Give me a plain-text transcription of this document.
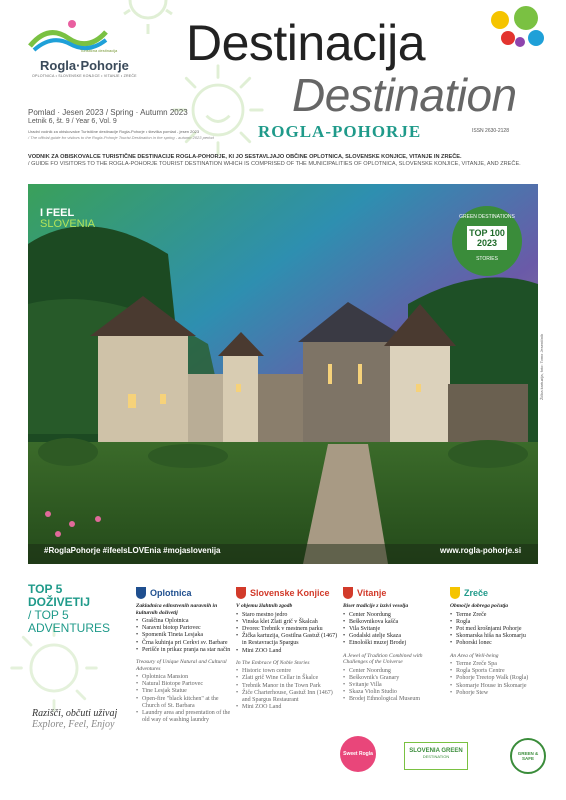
Turistična destinacija
Rogla·Pohorje
OPLOTNICA • SLOVENSKE KONJICE • VITANJE • ZREČE
Destinacija
Destination
ROGLA-POHORJE	ISSN 2630-2128
Pomlad · Jesen 2023 / Spring · Autumn 2023
Letnik 6, št. 9 / Year 6, Vol. 9
Uradni vodnik za obiskovalce Turistične destinacije Rogla-Pohorje • številka pomlad - jesen 2023
/ The official guide for visitors to the Rogla-Pohorje Tourist Destination in the spring - autumn 2023 period
VODNIK ZA OBISKOVALCE TURISTIČNE DESTINACIJE ROGLA-POHORJE, KI JO SESTAVLJAJO OBČINE OPLOTNICA, SLOVENSKE KONJICE, VITANJE IN ZREČE.
/ GUIDE FO VISITORS TO THE ROGLA-POHORJE TOURIST DESTINATION WHICH IS COMPRISED OF THE MUNICIPALITIES OF OPLOTNICA, SLOVENSKE KONJICE, VITANJE, AND ZREČE.
I FEEL
SLOVENIA
GREEN DESTINATIONS
TOP 100
2023
STORIES
#RoglaPohorje #ifeelsLOVEnia #mojaslovenija	www.rogla-pohorje.si
Žička kartuzija, foto: Tomo Jeseničnik
TOP 5
DOŽIVETIJ
/ TOP 5
ADVENTURES
Oplotnica
Zakladnica edinstvenih naravnih in kulturnih doživetij
• Graščina Oplotnica
• Naravni biotop Partovec
• Spomenik Tineta Lesjaka
• Črna kuhinja pri Cerkvi sv. Barbare
• Perišče in prikaz pranja na star način
Treasury of Unique Natural and Cultural Adventures
• Oplotnica Mansion
• Natural Biotope Partovec
• Tine Lesjak Statue
• Open-fire "black kitchen" at the Church of St. Barbara
• Laundry area and presentation of the old way of washing laundry
Slovenske Konjice
V objemu žlahtnih zgodb
• Staro mestno jedro
• Vinska klet Zlati grič v Škalcah
• Dvorec Trebnik v mestnem parku
• Žička kartuzija, Gostilna Gastuž (1467) in Restavracija Spargus
• Mini ZOO Land
In The Embrace Of Noble Stories
• Historic town centre
• Zlati grič Wine Cellar in Škalce
• Trebnik Manor in the Town Park
• Žiče Charterhouse, Gastuž Inn (1467) and Spargus Restaurant
• Mini ZOO Land
Vitanje
Biser tradicije z izzivi vesolja
• Center Noordung
• Beškovnikova kašča
• Vila Svitanje
• Godalski atelje Skaza
• Etnološki muzej Brodej
A Jewel of Tradition Combined with Challenges of the Universe
• Center Noordung
• Beškovnik's Granary
• Svitanje Villa
• Skaza Violin Studio
• Brodej Ethnological Museum
Zreče
Območje dobrega počutja
• Terme Zreče
• Rogla
• Pot med krošnjami Pohorje
• Skomarska hiša na Skomarju
• Pohorski lonec
An Area of Well-being
• Terme Zreče Spa
• Rogla Sports Centre
• Pohorje Treetop Walk (Rogla)
• Skomarje House in Skomarje
• Pohorje Stew
Razišči, občuti uživaj
Explore, Feel, Enjoy
Sweet Rogla	SLOVENIA GREEN
DESTINATION
GREEN & SAFE
